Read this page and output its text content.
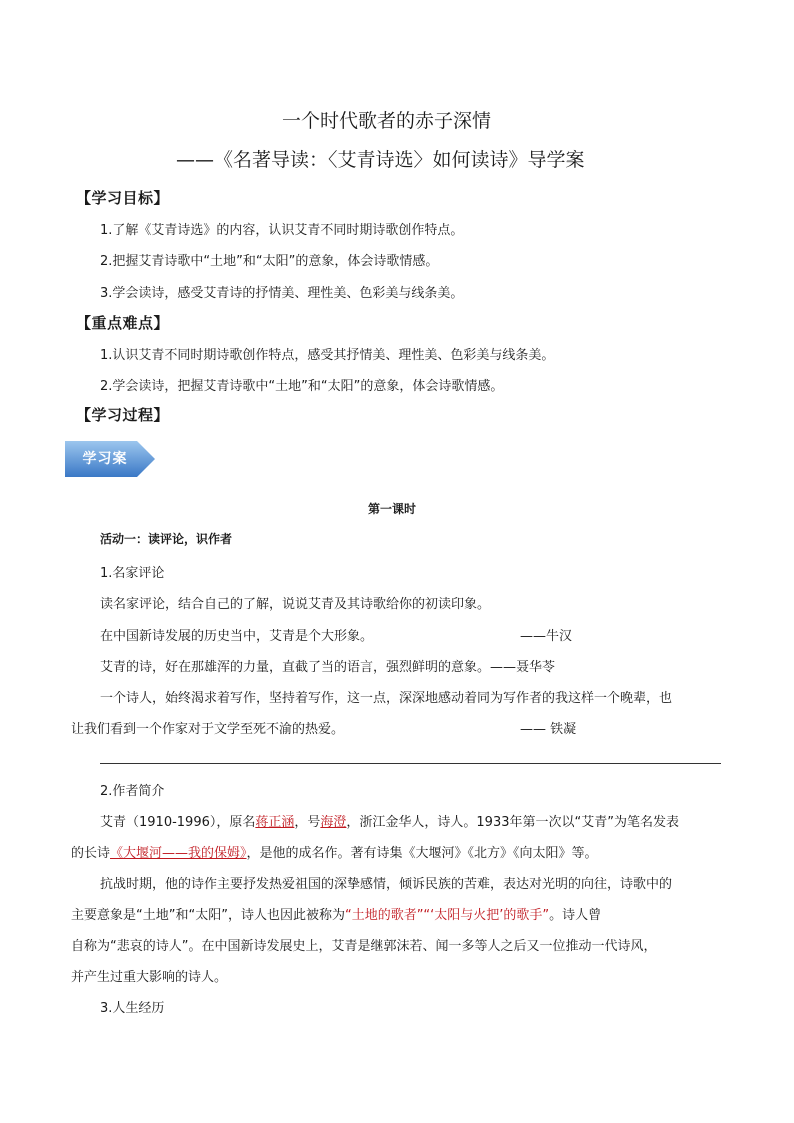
一个时代歌者的赤子深情
——《名著导读：〈艾青诗选〉如何读诗》导学案
【学习目标】
1.了解《艾青诗选》的内容，认识艾青不同时期诗歌创作特点。
2.把握艾青诗歌中“土地”和“太阳”的意象，体会诗歌情感。
3.学会读诗，感受艾青诗的抒情美、理性美、色彩美与线条美。
【重点难点】
1.认识艾青不同时期诗歌创作特点，感受其抒情美、理性美、色彩美与线条美。
2.学会读诗，把握艾青诗歌中“土地”和“太阳”的意象，体会诗歌情感。
【学习过程】
学习案
第一课时
活动一：读评论，识作者
1.名家评论
读名家评论，结合自己的了解，说说艾青及其诗歌给你的初读印象。
在中国新诗发展的历史当中，艾青是个大形象。	——牛汉
艾青的诗，好在那雄浑的力量，直截了当的语言，强烈鲜明的意象。——聂华苓
一个诗人，始终渴求着写作，坚持着写作，这一点，深深地感动着同为写作者的我这样一个晚辈，也
让我们看到一个作家对于文学至死不渝的热爱。	—— 铁凝
2.作者简介
艾青（1910-1996），原名蒋正涵，号海澄，浙江金华人，诗人。1933年第一次以“艾青”为笔名发表
的长诗《大堰河——我的保姆》，是他的成名作。著有诗集《大堰河》《北方》《向太阳》等。
抗战时期，他的诗作主要抒发热爱祖国的深挚感情，倾诉民族的苦难，表达对光明的向往，诗歌中的
主要意象是“土地”和“太阳”，诗人也因此被称为“土地的歌者”“‘太阳与火把’的歌手”。诗人曾
自称为“悲哀的诗人”。在中国新诗发展史上，艾青是继郭沫若、闻一多等人之后又一位推动一代诗风，
并产生过重大影响的诗人。
3.人生经历
